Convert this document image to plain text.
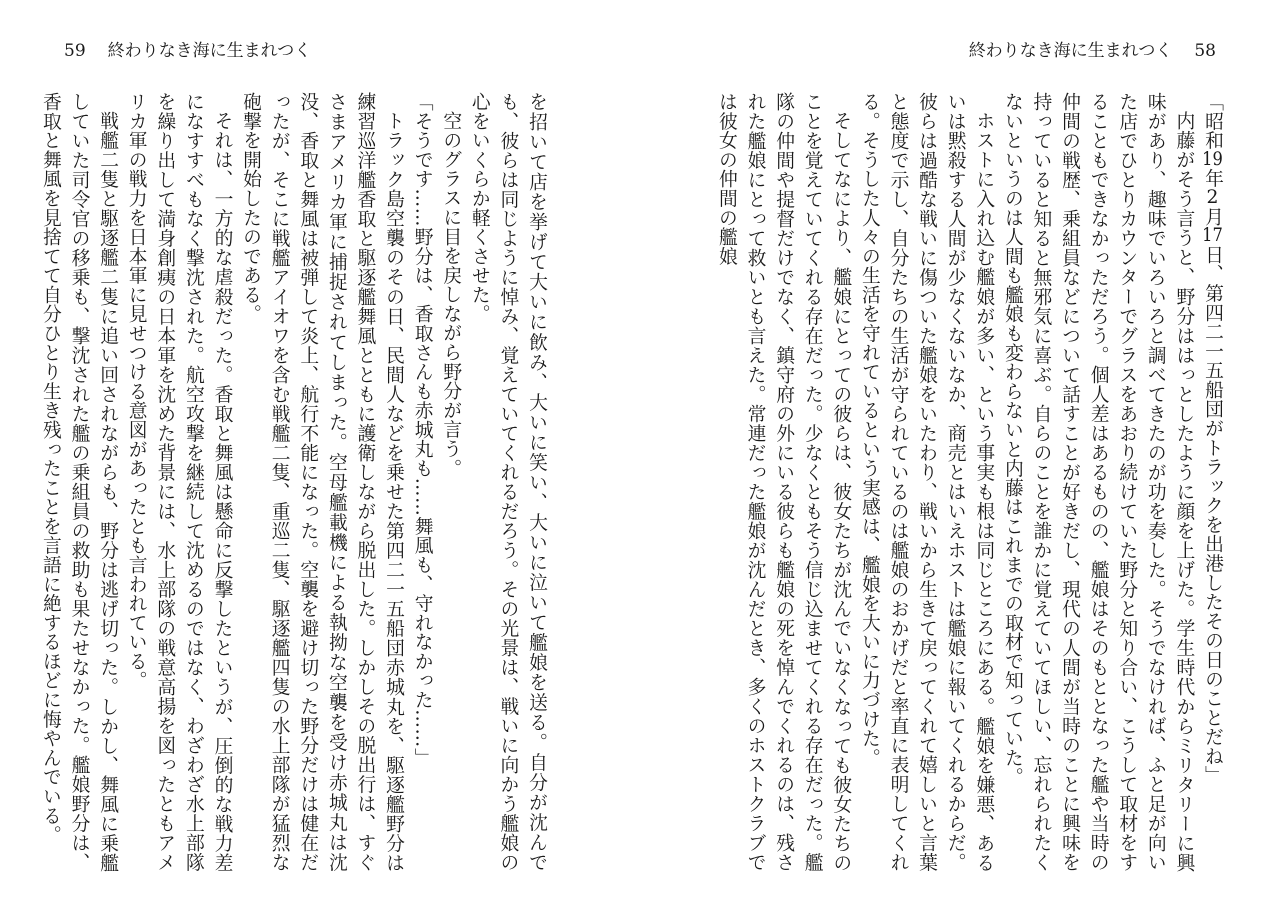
59 終わりなき海に生まれつく

を招いて店を挙げて大いに飲み、大いに笑い、大いに泣いて艦娘を送る。自分が沈んでも、彼らは同じように悼み、覚えていてくれるだろう。その光景は、戦いに向かう艦娘の心をいくらか軽くさせた。

空のグラスに目を戻しながら野分が言う。

「そうです……野分は、香取さんも赤城丸も……舞風も、守れなかった……」

トラック島空襲のその日、民間人などを乗せた第四二一五船団赤城丸を、駆逐艦野分は練習巡洋艦香取と駆逐艦舞風とともに護衛しながら脱出した。しかしその脱出行は、すぐさまアメリカ軍に捕捉されてしまった。空母艦載機による執拗な空襲を受け赤城丸は沈没、香取と舞風は被弾して炎上、航行不能になった。空襲を避け切った野分だけは健在だったが、そこに戦艦アイオワを含む戦艦二隻、重巡二隻、駆逐艦四隻の水上部隊が猛烈な砲撃を開始したのである。

それは、一方的な虐殺だった。香取と舞風は懸命に反撃したというが、圧倒的な戦力差になすすべもなく撃沈された。航空攻撃を継続して沈めるのではなく、わざわざ水上部隊を繰り出して満身創痍の日本軍を沈めた背景には、水上部隊の戦意高揚を図ったともアメリカ軍の戦力を日本軍に見せつける意図があったとも言われている。

戦艦二隻と駆逐艦二隻に追い回されながらも、野分は逃げ切った。しかし、舞風に乗艦していた司令官の移乗も、撃沈された艦の乗組員の救助も果たせなかった。艦娘野分は、香取と舞風を見捨てて自分ひとり生き残ったことを言語に絶するほどに悔やんでいる。

終わりなき海に生まれつく 58

「昭和19年2月17日、第四二一五船団がトラックを出港したその日のことだね」

内藤がそう言うと、野分ははっとしたように顔を上げた。学生時代からミリタリーに興味があり、趣味でいろいろと調べてきたのが功を奏した。そうでなければ、ふと足が向いた店でひとりカウンターでグラスをあおり続けていた野分と知り合い、こうして取材をすることもできなかっただろう。個人差はあるものの、艦娘はそのもととなった艦や当時の仲間の戦歴、乗組員などについて話すことが好きだし、現代の人間が当時のことに興味を持っていると知ると無邪気に喜ぶ。自らのことを誰かに覚えていてほしい、忘れられたくないというのは人間も艦娘も変わらないと内藤はこれまでの取材で知っていた。

ホストに入れ込む艦娘が多い、という事実も根は同じところにある。艦娘を嫌悪、あるいは黙殺する人間が少なくないなか、商売とはいえホストは艦娘に報いてくれるからだ。彼らは過酷な戦いに傷ついた艦娘をいたわり、戦いから生きて戻ってくれて嬉しいと言葉と態度で示し、自分たちの生活が守られているのは艦娘のおかげだと率直に表明してくれる。そうした人々の生活を守れているという実感は、艦娘を大いに力づけた。

そしてなにより、艦娘にとっての彼らは、彼女たちが沈んでいなくなっても彼女たちのことを覚えていてくれる存在だった。少なくともそう信じ込ませてくれる存在だった。艦隊の仲間や提督だけでなく、鎮守府の外にいる彼らも艦娘の死を悼んでくれるのは、残された艦娘にとって救いとも言えた。常連だった艦娘が沈んだとき、多くのホストクラブでは彼女の仲間の艦娘
